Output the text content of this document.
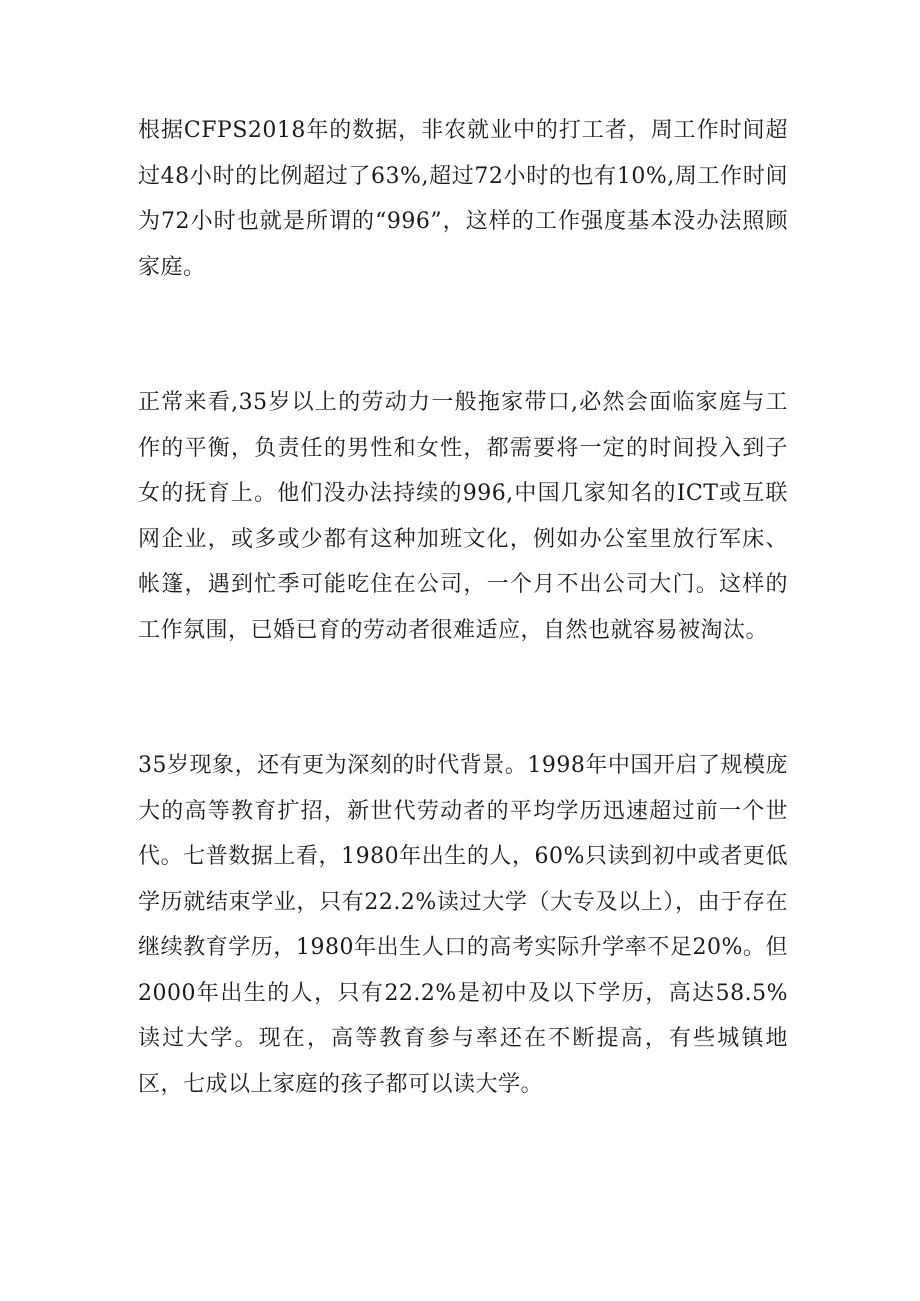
根据CFPS2018年的数据，非农就业中的打工者，周工作时间超过48小时的比例超过了63%,超过72小时的也有10%,周工作时间为72小时也就是所谓的“996”，这样的工作强度基本没办法照顾家庭。

正常来看,35岁以上的劳动力一般拖家带口,必然会面临家庭与工作的平衡，负责任的男性和女性，都需要将一定的时间投入到子女的抚育上。他们没办法持续的996,中国几家知名的ICT或互联网企业，或多或少都有这种加班文化，例如办公室里放行军床、帐篷，遇到忙季可能吃住在公司，一个月不出公司大门。这样的工作氛围，已婚已育的劳动者很难适应，自然也就容易被淘汰。

35岁现象，还有更为深刻的时代背景。1998年中国开启了规模庞大的高等教育扩招，新世代劳动者的平均学历迅速超过前一个世代。七普数据上看，1980年出生的人，60%只读到初中或者更低学历就结束学业，只有22.2%读过大学（大专及以上），由于存在继续教育学历，1980年出生人口的高考实际升学率不足20%。但2000年出生的人，只有22.2%是初中及以下学历，高达58.5%读过大学。现在，高等教育参与率还在不断提高，有些城镇地区，七成以上家庭的孩子都可以读大学。
